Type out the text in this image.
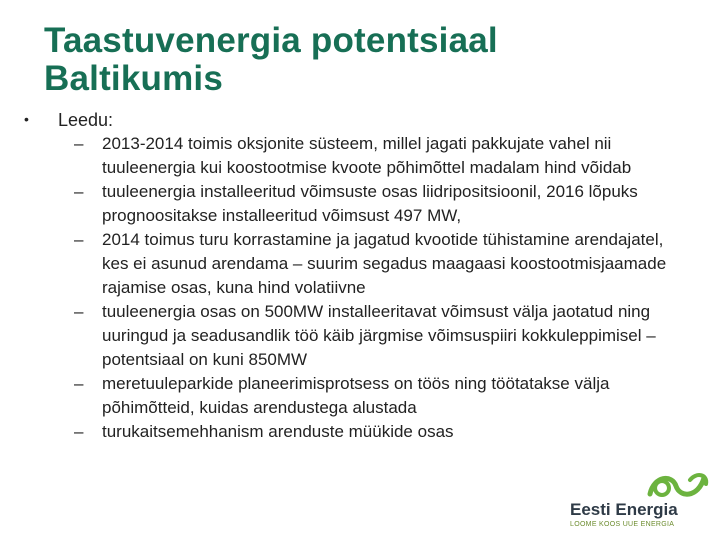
Taastuvenergia potentsiaal
Baltikumis
• Leedu:
– 2013-2014 toimis oksjonite süsteem, millel jagati pakkujate vahel nii tuuleenergia kui koostootmise kvoote põhimõttel madalam hind võidab
– tuuleenergia installeeritud võimsuste osas liidripositsioonil, 2016 lõpuks prognoositakse installeeritud võimsust 497 MW,
– 2014 toimus turu korrastamine ja jagatud kvootide tühistamine arendajatel, kes ei asunud arendama – suurim segadus maagaasi koostootmisjaamade rajamise osas, kuna hind volatiivne
– tuuleenergia osas on 500MW installeeritavat võimsust välja jaotatud ning uuringud ja seadusandlik töö käib järgmise võimsuspiiri kokkuleppimisel – potentsiaal on kuni 850MW
– meretuuleparkide planeerimisprotsess on töös ning töötatakse välja põhimõtteid, kuidas arendustega alustada
– turukaitsemehhanism arenduste müükide osas
Eesti Energia
LOOME KOOS UUE ENERGIA
